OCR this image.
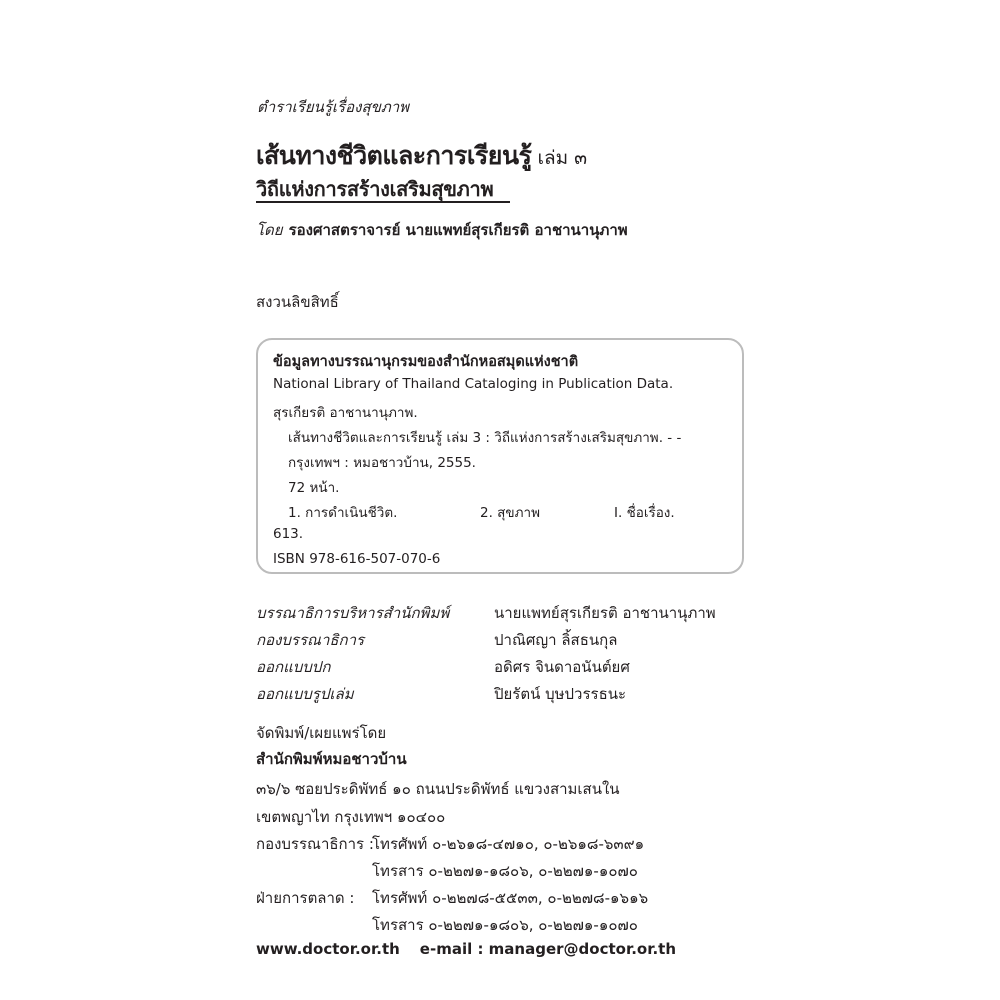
ตำราเรียนรู้เรื่องสุขภาพ
เส้นทางชีวิตและการเรียนรู้ เล่ม ๓
วิถีแห่งการสร้างเสริมสุขภาพ
โดย รองศาสตราจารย์ นายแพทย์สุรเกียรติ อาชานานุภาพ
สงวนลิขสิทธิ์
ข้อมูลทางบรรณานุกรมของสำนักหอสมุดแห่งชาติ
National Library of Thailand Cataloging in Publication Data.
สุรเกียรติ อาชานานุภาพ.
เส้นทางชีวิตและการเรียนรู้ เล่ม 3 : วิถีแห่งการสร้างเสริมสุขภาพ. - -
กรุงเทพฯ : หมอชาวบ้าน, 2555.
72 หน้า.
1. การดำเนินชีวิต.	2. สุขภาพ	I. ชื่อเรื่อง.
613.
ISBN 978-616-507-070-6
บรรณาธิการบริหารสำนักพิมพ์	นายแพทย์สุรเกียรติ อาชานานุภาพ
กองบรรณาธิการ	ปาณิศญา ลิ้สธนกุล
ออกแบบปก	อดิศร จินดาอนันต์ยศ
ออกแบบรูปเล่ม	ปิยรัตน์ บุษปวรรธนะ
จัดพิมพ์/เผยแพร่โดย
สำนักพิมพ์หมอชาวบ้าน
๓๖/๖ ซอยประดิพัทธ์ ๑๐ ถนนประดิพัทธ์ แขวงสามเสนใน
เขตพญาไท กรุงเทพฯ ๑๐๔๐๐
กองบรรณาธิการ :
โทรศัพท์ ๐-๒๖๑๘-๔๗๑๐, ๐-๒๖๑๘-๖๓๙๑
โทรสาร ๐-๒๒๗๑-๑๘๐๖, ๐-๒๒๗๑-๑๐๗๐
ฝ่ายการตลาด : โทรศัพท์ ๐-๒๒๗๘-๕๕๓๓, ๐-๒๒๗๘-๑๖๑๖
โทรสาร ๐-๒๒๗๑-๑๘๐๖, ๐-๒๒๗๑-๑๐๗๐
www.doctor.or.th e-mail : manager@doctor.or.th
